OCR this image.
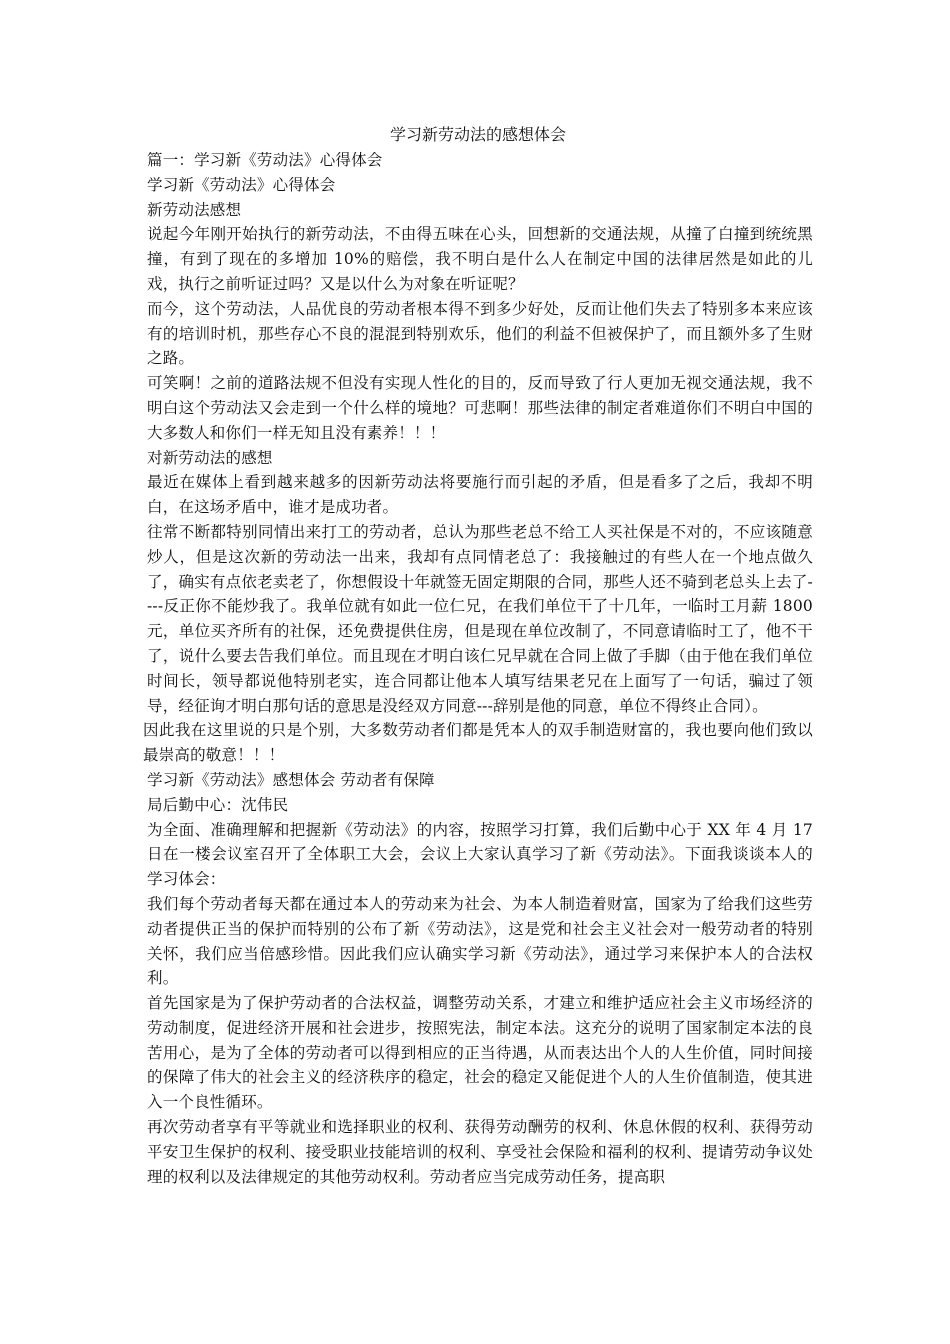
学习新劳动法的感想体会

篇一：学习新《劳动法》心得体会

学习新《劳动法》心得体会

新劳动法感想

说起今年刚开始执行的新劳动法，不由得五味在心头，回想新的交通法规，从撞了白撞到统统黑撞，有到了现在的多增加 10%的赔偿，我不明白是什么人在制定中国的法律居然是如此的儿戏，执行之前听证过吗？又是以什么为对象在听证呢？

而今，这个劳动法，人品优良的劳动者根本得不到多少好处，反而让他们失去了特别多本来应该有的培训时机，那些存心不良的混混到特别欢乐，他们的利益不但被保护了，而且额外多了生财之路。

可笑啊！之前的道路法规不但没有实现人性化的目的，反而导致了行人更加无视交通法规，我不明白这个劳动法又会走到一个什么样的境地？可悲啊！那些法律的制定者难道你们不明白中国的大多数人和你们一样无知且没有素养！！！

对新劳动法的感想

最近在媒体上看到越来越多的因新劳动法将要施行而引起的矛盾，但是看多了之后，我却不明白，在这场矛盾中，谁才是成功者。

往常不断都特别同情出来打工的劳动者，总认为那些老总不给工人买社保是不对的，不应该随意炒人，但是这次新的劳动法一出来，我却有点同情老总了：我接触过的有些人在一个地点做久了，确实有点依老卖老了，你想假设十年就签无固定期限的合同，那些人还不骑到老总头上去了----反正你不能炒我了。我单位就有如此一位仁兄，在我们单位干了十几年，一临时工月薪 1800 元，单位买齐所有的社保，还免费提供住房，但是现在单位改制了，不同意请临时工了，他不干了，说什么要去告我们单位。而且现在才明白该仁兄早就在合同上做了手脚（由于他在我们单位时间长，领导都说他特别老实，连合同都让他本人填写结果老兄在上面写了一句话，骗过了领导，经征询才明白那句话的意思是没经双方同意---辞别是他的同意，单位不得终止合同）。

因此我在这里说的只是个别，大多数劳动者们都是凭本人的双手制造财富的，我也要向他们致以最崇高的敬意！！！

学习新《劳动法》感想体会 劳动者有保障

局后勤中心：沈伟民

为全面、准确理解和把握新《劳动法》的内容，按照学习打算，我们后勤中心于 XX 年 4 月 17 日在一楼会议室召开了全体职工大会，会议上大家认真学习了新《劳动法》。下面我谈谈本人的学习体会：

我们每个劳动者每天都在通过本人的劳动来为社会、为本人制造着财富，国家为了给我们这些劳动者提供正当的保护而特别的公布了新《劳动法》，这是党和社会主义社会对一般劳动者的特别关怀，我们应当倍感珍惜。因此我们应认确实学习新《劳动法》，通过学习来保护本人的合法权利。

首先国家是为了保护劳动者的合法权益，调整劳动关系，才建立和维护适应社会主义市场经济的劳动制度，促进经济开展和社会进步，按照宪法，制定本法。这充分的说明了国家制定本法的良苦用心，是为了全体的劳动者可以得到相应的正当待遇，从而表达出个人的人生价值，同时间接的保障了伟大的社会主义的经济秩序的稳定，社会的稳定又能促进个人的人生价值制造，使其进入一个良性循环。

再次劳动者享有平等就业和选择职业的权利、获得劳动酬劳的权利、休息休假的权利、获得劳动平安卫生保护的权利、接受职业技能培训的权利、享受社会保险和福利的权利、提请劳动争议处理的权利以及法律规定的其他劳动权利。劳动者应当完成劳动任务，提高职
